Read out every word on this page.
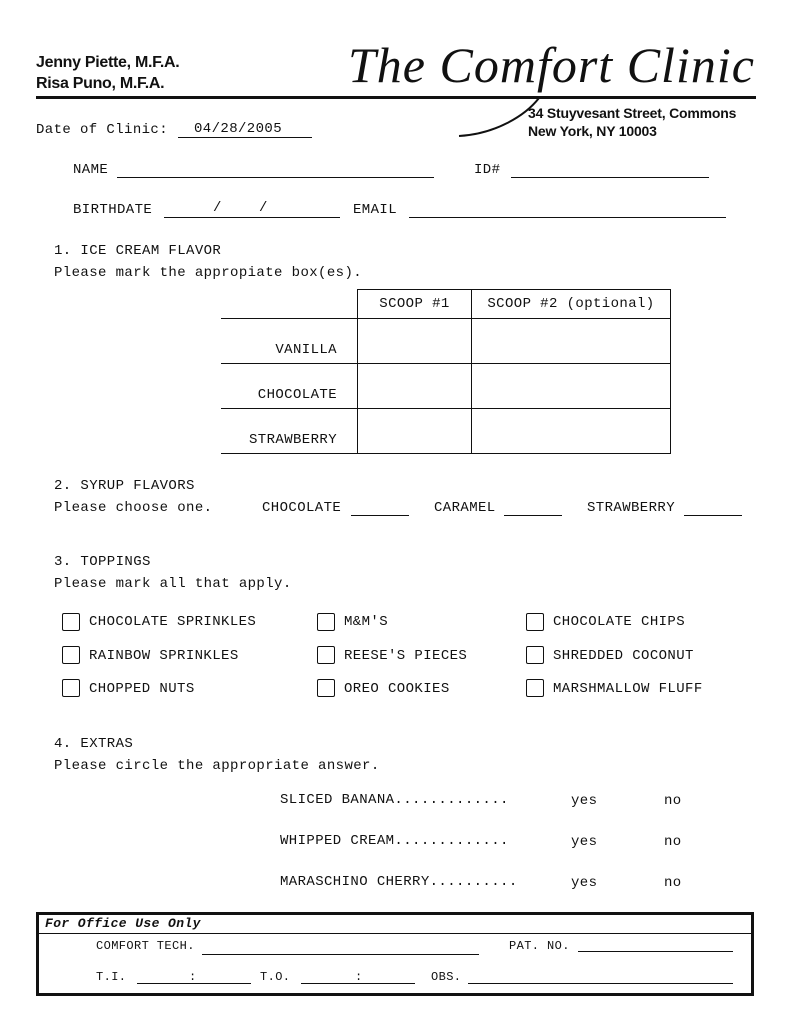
Jenny Piette, M.F.A.
Risa Puno, M.F.A.	The Comfort Clinic
34 Stuyvesant Street, Commons
New York, NY 10003
Date of Clinic: 04/28/2005
NAME	ID#
BIRTHDATE	/	/	EMAIL
1. ICE CREAM FLAVOR
Please mark the appropiate box(es).
	SCOOP #1	SCOOP #2 (optional)
VANILLA		
CHOCOLATE		
STRAWBERRY		
2. SYRUP FLAVORS
Please choose one.	CHOCOLATE	CARAMEL	STRAWBERRY
3. TOPPINGS
Please mark all that apply.
CHOCOLATE SPRINKLES	M&M'S	CHOCOLATE CHIPS
RAINBOW SPRINKLES	REESE'S PIECES	SHREDDED COCONUT
CHOPPED NUTS	OREO COOKIES	MARSHMALLOW FLUFF
4. EXTRAS
Please circle the appropriate answer.
SLICED BANANA.............	yes	no
WHIPPED CREAM.............	yes	no
MARASCHINO CHERRY..........	yes	no
For Office Use Only
COMFORT TECH.	PAT. NO.
T.I.	:	T.O.	:	OBS.
